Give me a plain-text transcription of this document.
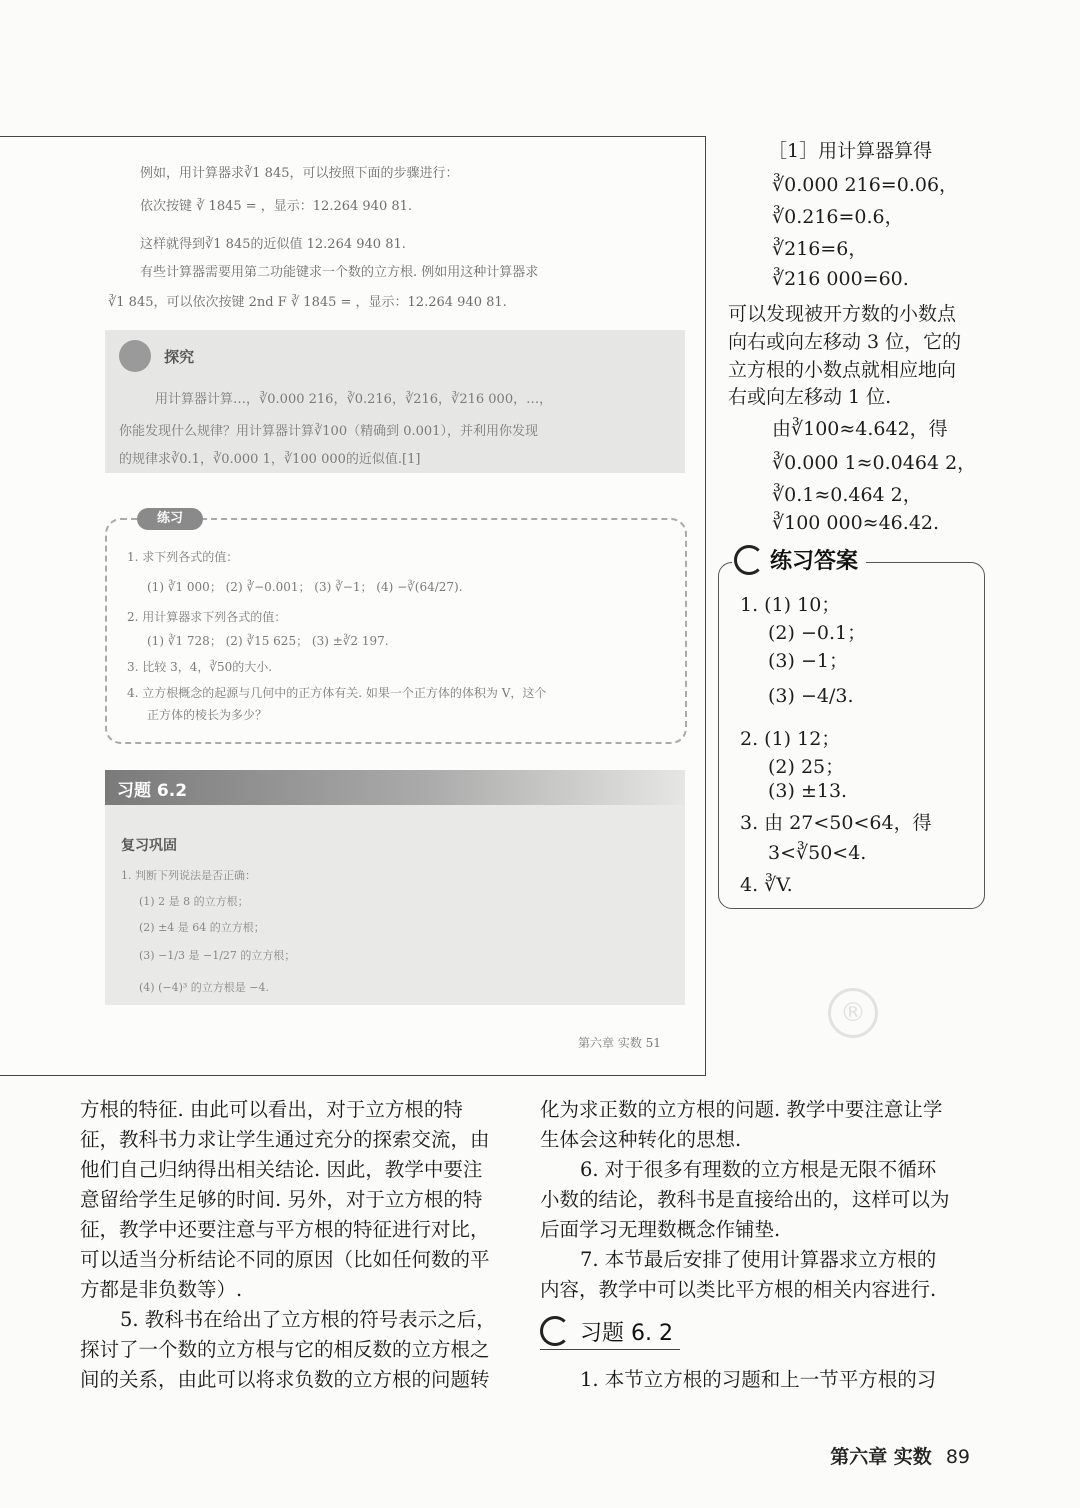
例如，用计算器求∛1 845，可以按照下面的步骤进行：
依次按键 ∛ 1845 = ，显示：12.264 940 81.
这样就得到∛1 845的近似值 12.264 940 81.
有些计算器需要用第二功能键求一个数的立方根. 例如用这种计算器求
∛1 845，可以依次按键 2nd F ∛ 1845 = ，显示：12.264 940 81.
第六章 实数 51
探究
用计算器计算…，∛0.000 216，∛0.216，∛216，∛216 000，…，
你能发现什么规律？用计算器计算∛100（精确到 0.001），并利用你发现
的规律求∛0.1，∛0.000 1，∛100 000的近似值.[1]
练习
1. 求下列各式的值：
(1) ∛1 000； (2) ∛−0.001； (3) ∛−1； (4) −∛(64/27).
2. 用计算器求下列各式的值：
(1) ∛1 728； (2) ∛15 625； (3) ±∛2 197.
3. 比较 3，4，∛50的大小.
4. 立方根概念的起源与几何中的正方体有关. 如果一个正方体的体积为 V，这个
正方体的棱长为多少？
习题 6.2
复习巩固
1. 判断下列说法是否正确：
(1) 2 是 8 的立方根；
(2) ±4 是 64 的立方根；
(3) −1/3 是 −1/27 的立方根；
(4) (−4)³ 的立方根是 −4.
［1］用计算器算得
∛0.000 216=0.06，
∛0.216=0.6，
∛216=6，
∛216 000=60.
可以发现被开方数的小数点
向右或向左移动 3 位，它的
立方根的小数点就相应地向
右或向左移动 1 位.
由∛100≈4.642，得
∛0.000 1≈0.0464 2，
∛0.1≈0.464 2，
∛100 000≈46.42.
练习答案
1. (1) 10；
(2) −0.1；
(3) −1；
(3) −4/3.
2. (1) 12；
(2) 25；
(3) ±13.
3. 由 27<50<64，得
3<∛50<4.
4. ∛V.
®
方根的特征. 由此可以看出，对于立方根的特
征，教科书力求让学生通过充分的探索交流，由
他们自己归纳得出相关结论. 因此，教学中要注
意留给学生足够的时间. 另外，对于立方根的特
征，教学中还要注意与平方根的特征进行对比，
可以适当分析结论不同的原因（比如任何数的平
方都是非负数等）.
5. 教科书在给出了立方根的符号表示之后，
探讨了一个数的立方根与它的相反数的立方根之
间的关系，由此可以将求负数的立方根的问题转
化为求正数的立方根的问题. 教学中要注意让学
生体会这种转化的思想.
6. 对于很多有理数的立方根是无限不循环
小数的结论，教科书是直接给出的，这样可以为
后面学习无理数概念作铺垫.
7. 本节最后安排了使用计算器求立方根的
内容，教学中可以类比平方根的相关内容进行.
习题 6. 2
1. 本节立方根的习题和上一节平方根的习
第六章 实数 89
